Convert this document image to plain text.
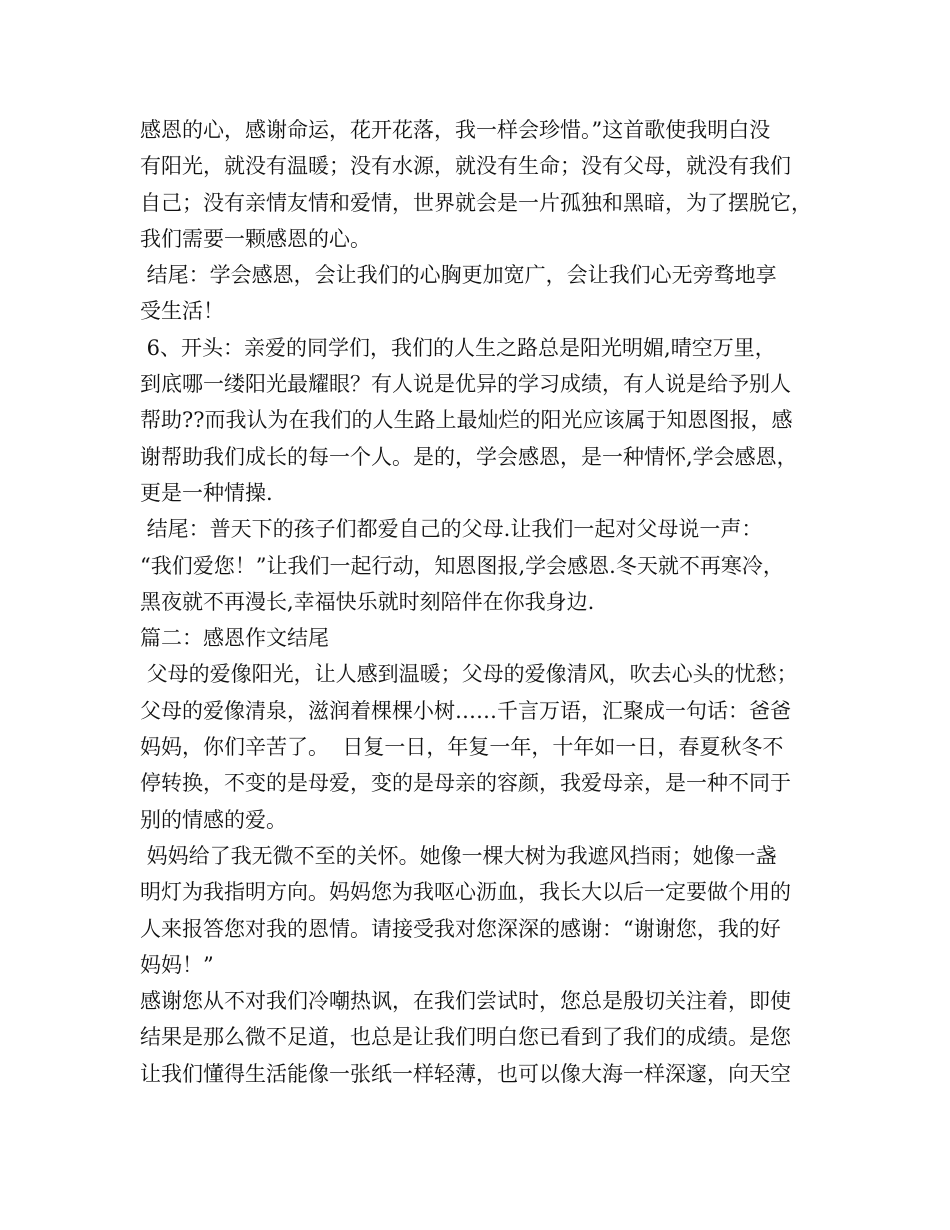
感恩的心，感谢命运，花开花落，我一样会珍惜。”这首歌使我明白没
有阳光，就没有温暖；没有水源，就没有生命；没有父母，就没有我们
自己；没有亲情友情和爱情，世界就会是一片孤独和黑暗，为了摆脱它，
我们需要一颗感恩的心。
结尾：学会感恩，会让我们的心胸更加宽广，会让我们心无旁骛地享
受生活！
6、开头：亲爱的同学们，我们的人生之路总是阳光明媚,晴空万里，
到底哪一缕阳光最耀眼？有人说是优异的学习成绩，有人说是给予别人
帮助??而我认为在我们的人生路上最灿烂的阳光应该属于知恩图报，感
谢帮助我们成长的每一个人。是的，学会感恩，是一种情怀,学会感恩，
更是一种情操.
结尾：普天下的孩子们都爱自己的父母.让我们一起对父母说一声：
“我们爱您！”让我们一起行动，知恩图报,学会感恩.冬天就不再寒冷，
黑夜就不再漫长,幸福快乐就时刻陪伴在你我身边.
篇二：感恩作文结尾
父母的爱像阳光，让人感到温暖；父母的爱像清风，吹去心头的忧愁；
父母的爱像清泉，滋润着棵棵小树……千言万语，汇聚成一句话：爸爸
妈妈，你们辛苦了。  日复一日，年复一年，十年如一日，春夏秋冬不
停转换，不变的是母爱，变的是母亲的容颜，我爱母亲，是一种不同于
别的情感的爱。
妈妈给了我无微不至的关怀。她像一棵大树为我遮风挡雨；她像一盏
明灯为我指明方向。妈妈您为我呕心沥血，我长大以后一定要做个用的
人来报答您对我的恩情。请接受我对您深深的感谢：“谢谢您，我的好
妈妈！”
感谢您从不对我们冷嘲热讽，在我们尝试时，您总是殷切关注着，即使
结果是那么微不足道，也总是让我们明白您已看到了我们的成绩。是您
让我们懂得生活能像一张纸一样轻薄，也可以像大海一样深邃，向天空
